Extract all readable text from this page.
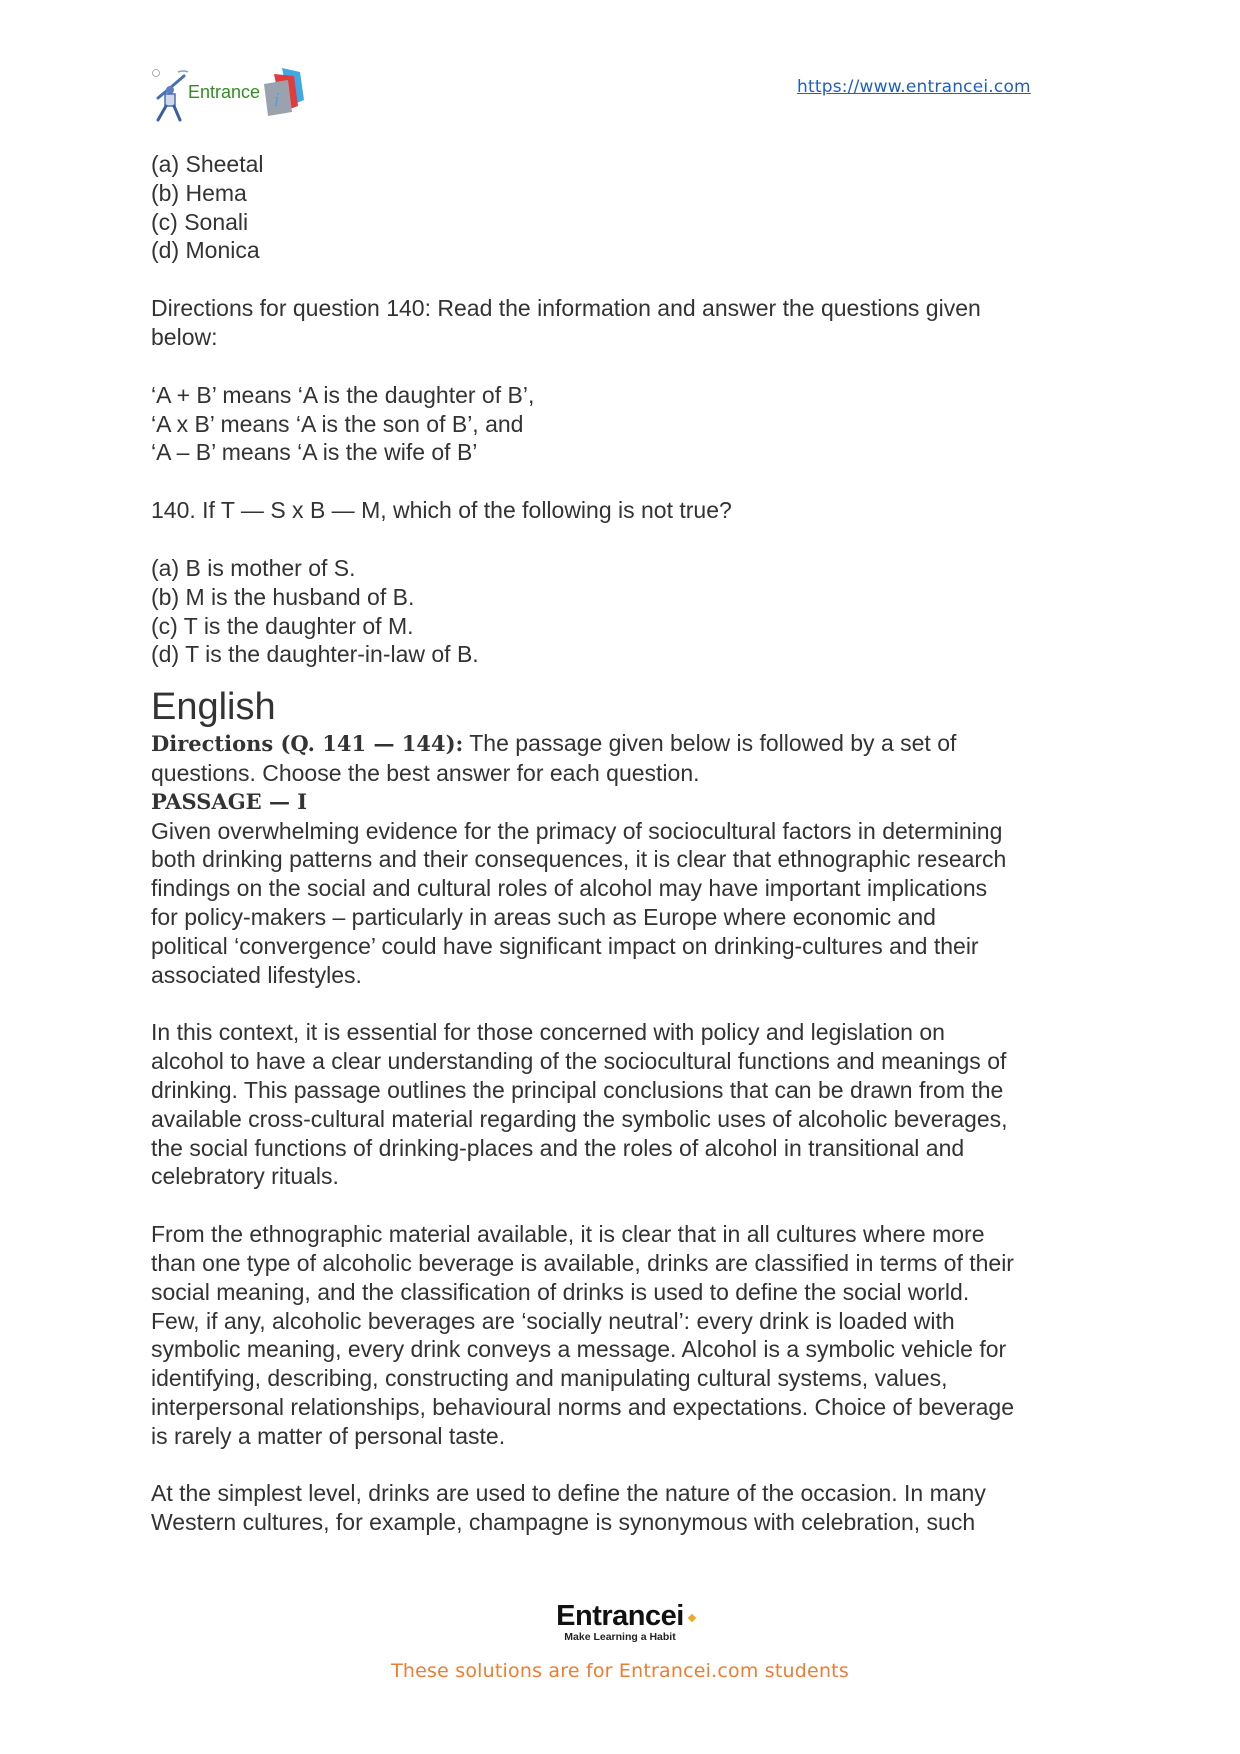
Entrance i
https://www.entrancei.com

(a) Sheetal

(b) Hema

(c) Sonali

(d) Monica

Directions for question 140: Read the information and answer the questions given

below:

‘A + B’ means ‘A is the daughter of B’,

‘A x B’ means ‘A is the son of B’, and

‘A – B’ means ‘A is the wife of B’

140. If T — S x B — M, which of the following is not true?

(a) B is mother of S.

(b) M is the husband of B.

(c) T is the daughter of M.

(d) T is the daughter-in-law of B.

English

Directions (Q. 141 — 144): The passage given below is followed by a set of

questions. Choose the best answer for each question.

PASSAGE — I

Given overwhelming evidence for the primacy of sociocultural factors in determining

both drinking patterns and their consequences, it is clear that ethnographic research

findings on the social and cultural roles of alcohol may have important implications

for policy-makers – particularly in areas such as Europe where economic and

political ‘convergence’ could have significant impact on drinking-cultures and their

associated lifestyles.

In this context, it is essential for those concerned with policy and legislation on

alcohol to have a clear understanding of the sociocultural functions and meanings of

drinking. This passage outlines the principal conclusions that can be drawn from the

available cross-cultural material regarding the symbolic uses of alcoholic beverages,

the social functions of drinking-places and the roles of alcohol in transitional and

celebratory rituals.

From the ethnographic material available, it is clear that in all cultures where more

than one type of alcoholic beverage is available, drinks are classified in terms of their

social meaning, and the classification of drinks is used to define the social world.

Few, if any, alcoholic beverages are ‘socially neutral’: every drink is loaded with

symbolic meaning, every drink conveys a message. Alcohol is a symbolic vehicle for

identifying, describing, constructing and manipulating cultural systems, values,

interpersonal relationships, behavioural norms and expectations. Choice of beverage

is rarely a matter of personal taste.

At the simplest level, drinks are used to define the nature of the occasion. In many

Western cultures, for example, champagne is synonymous with celebration, such

Entrancei
Make Learning a Habit
These solutions are for Entrancei.com students
